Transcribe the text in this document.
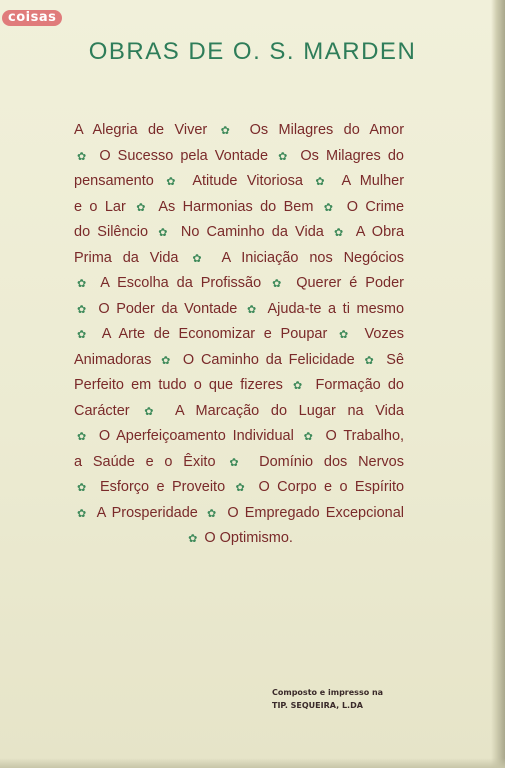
coisas
OBRAS DE O. S. MARDEN
A Alegria de Viver ✿ Os Milagres do Amor
✿ O Sucesso pela Vontade ✿ Os Milagres do
pensamento ✿ Atitude Vitoriosa ✿ A Mulher
e o Lar ✿ As Harmonias do Bem ✿ O Crime
do Silêncio ✿ No Caminho da Vida ✿ A Obra
Prima da Vida ✿ A Iniciação nos Negócios
✿ A Escolha da Profissão ✿ Querer é Poder
✿ O Poder da Vontade ✿ Ajuda-te a ti mesmo
✿ A Arte de Economizar e Poupar ✿ Vozes
Animadoras ✿ O Caminho da Felicidade ✿ Sê
Perfeito em tudo o que fizeres ✿ Formação do
Carácter ✿ A Marcação do Lugar na Vida
✿ O Aperfeiçoamento Individual ✿ O Trabalho,
a Saúde e o Êxito ✿ Domínio dos Nervos
✿ Esforço e Proveito ✿ O Corpo e o Espírito
✿ A Prosperidade ✿ O Empregado Excepcional
✿ O Optimismo.
Composto e impresso na
TIP. SEQUEIRA, L.DA
